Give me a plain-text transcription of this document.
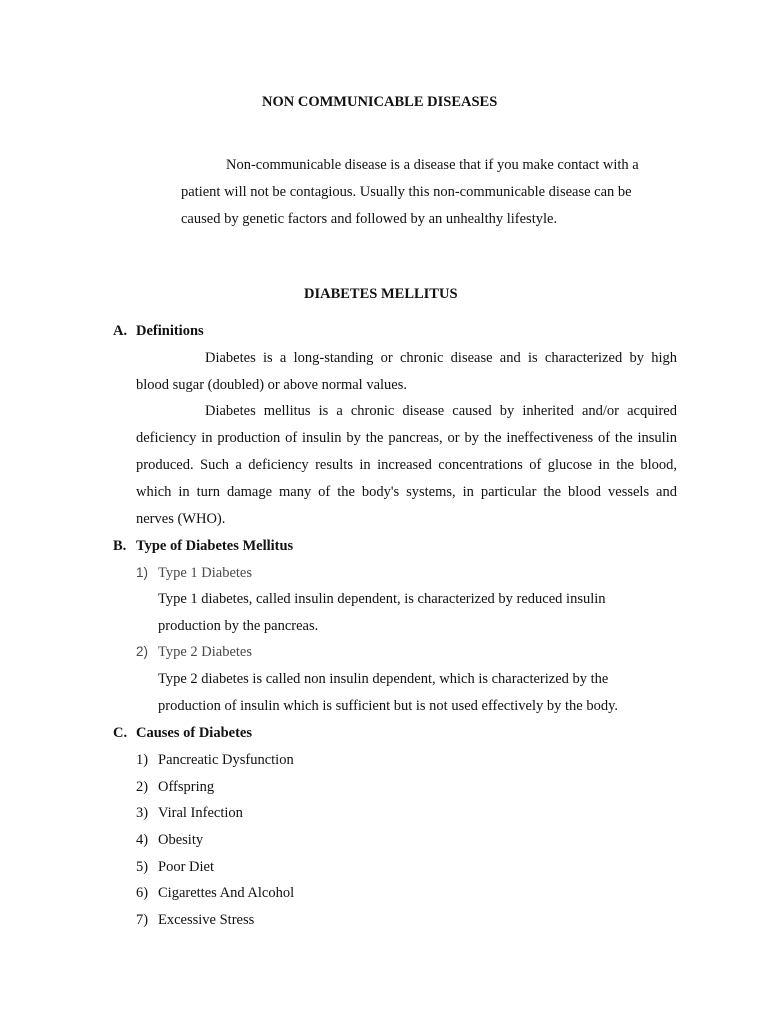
NON COMMUNICABLE DISEASES
Non-communicable disease is a disease that if you make contact with a
patient will not be contagious. Usually this non-communicable disease can be
caused by genetic factors and followed by an unhealthy lifestyle.
DIABETES MELLITUS
A. Definitions
Diabetes is a long-standing or chronic disease and is characterized by high
blood sugar (doubled) or above normal values.
Diabetes mellitus is a chronic disease caused by inherited and/or acquired
deficiency in production of insulin by the pancreas, or by the ineffectiveness of the insulin
produced. Such a deficiency results in increased concentrations of glucose in the blood,
which in turn damage many of the body's systems, in particular the blood vessels and
nerves (WHO).
B. Type of Diabetes Mellitus
1) Type 1 Diabetes
Type 1 diabetes, called insulin dependent, is characterized by reduced insulin
production by the pancreas.
2) Type 2 Diabetes
Type 2 diabetes is called non insulin dependent, which is characterized by the
production of insulin which is sufficient but is not used effectively by the body.
C. Causes of Diabetes
1) Pancreatic Dysfunction
2) Offspring
3) Viral Infection
4) Obesity
5) Poor Diet
6) Cigarettes And Alcohol
7) Excessive Stress
